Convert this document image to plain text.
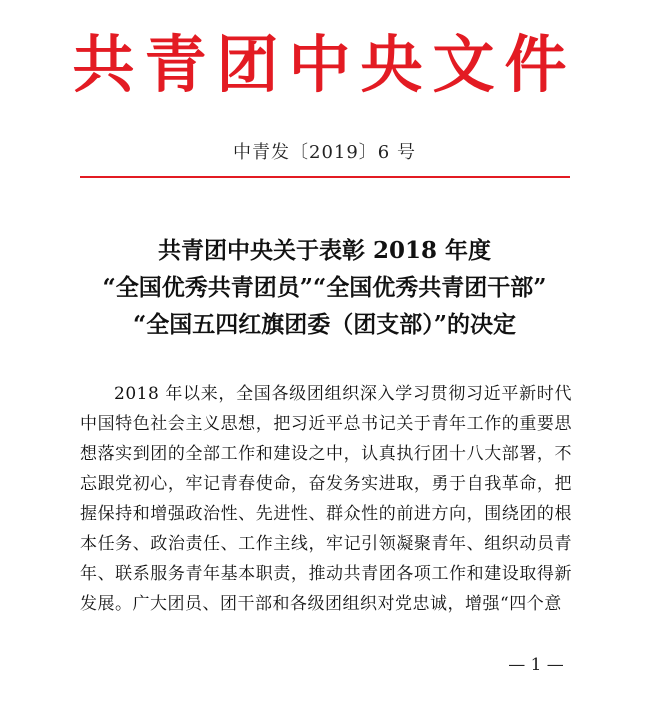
共青团中央文件
中青发〔2019〕6 号
共青团中央关于表彰 2018 年度
“全国优秀共青团员”“全国优秀共青团干部”
“全国五四红旗团委（团支部）”的决定

2018 年以来，全国各级团组织深入学习贯彻习近平新时代中国特色社会主义思想，把习近平总书记关于青年工作的重要思想落实到团的全部工作和建设之中，认真执行团十八大部署，不忘跟党初心，牢记青春使命，奋发务实进取，勇于自我革命，把握保持和增强政治性、先进性、群众性的前进方向，围绕团的根本任务、政治责任、工作主线，牢记引领凝聚青年、组织动员青年、联系服务青年基本职责，推动共青团各项工作和建设取得新发展。广大团员、团干部和各级团组织对党忠诚，增强“四个意

— 1 —
